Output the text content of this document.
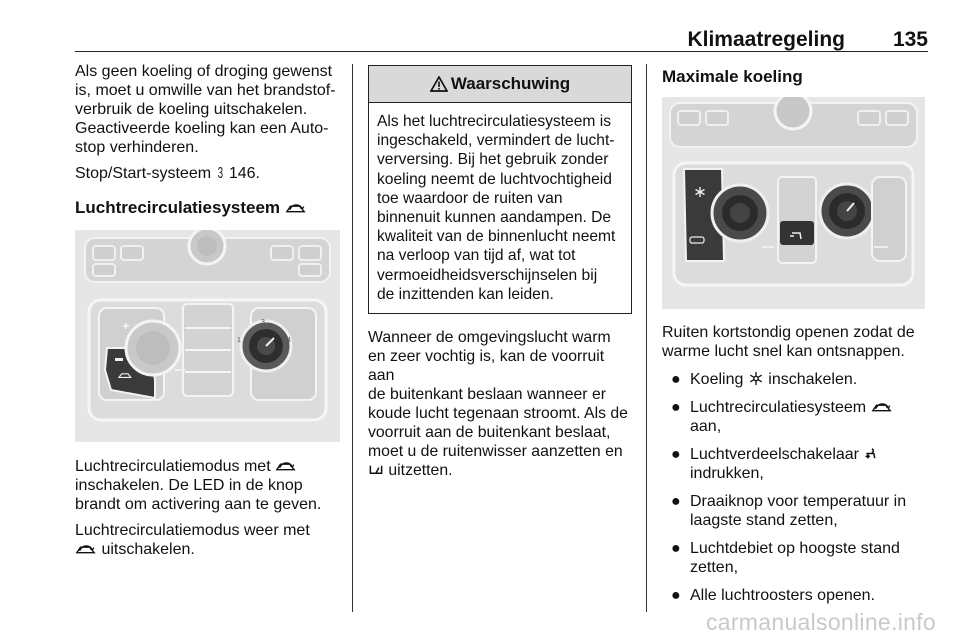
Klimaatregeling 135

Als geen koeling of droging gewenst
is, moet u omwille van het brandstof-
verbruik de koeling uitschakelen.
Geactiveerde koeling kan een Auto-
stop verhinderen.

Stop/Start-systeem 3 146.

Luchtrecirculatiesysteem
3
1	4

Luchtrecirculatiemodus met
inschakelen. De LED in de knop
brandt om activering aan te geven.

Luchtrecirculatiemodus weer met
uitschakelen.

Waarschuwing
Als het luchtrecirculatiesysteem is
ingeschakeld, vermindert de lucht-
verversing. Bij het gebruik zonder
koeling neemt de luchtvochtigheid
toe waardoor de ruiten van
binnenuit kunnen aandampen. De
kwaliteit van de binnenlucht neemt
na verloop van tijd af, wat tot
vermoeidheidsverschijnselen bij
de inzittenden kan leiden.

Wanneer de omgevingslucht warm
en zeer vochtig is, kan de voorruit aan
de buitenkant beslaan wanneer er
koude lucht tegenaan stroomt. Als de
voorruit aan de buitenkant beslaat,
moet u de ruitenwisser aanzetten en
uitzetten.

Maximale koeling

Ruiten kortstondig openen zodat de
warme lucht snel kan ontsnappen.

● Koeling inschakelen.
● Luchtrecirculatiesysteem
aan,
● Luchtverdeelschakelaar
indrukken,
● Draaiknop voor temperatuur in
laagste stand zetten,
● Luchtdebiet op hoogste stand
zetten,
● Alle luchtroosters openen.
carmanualsonline.info
